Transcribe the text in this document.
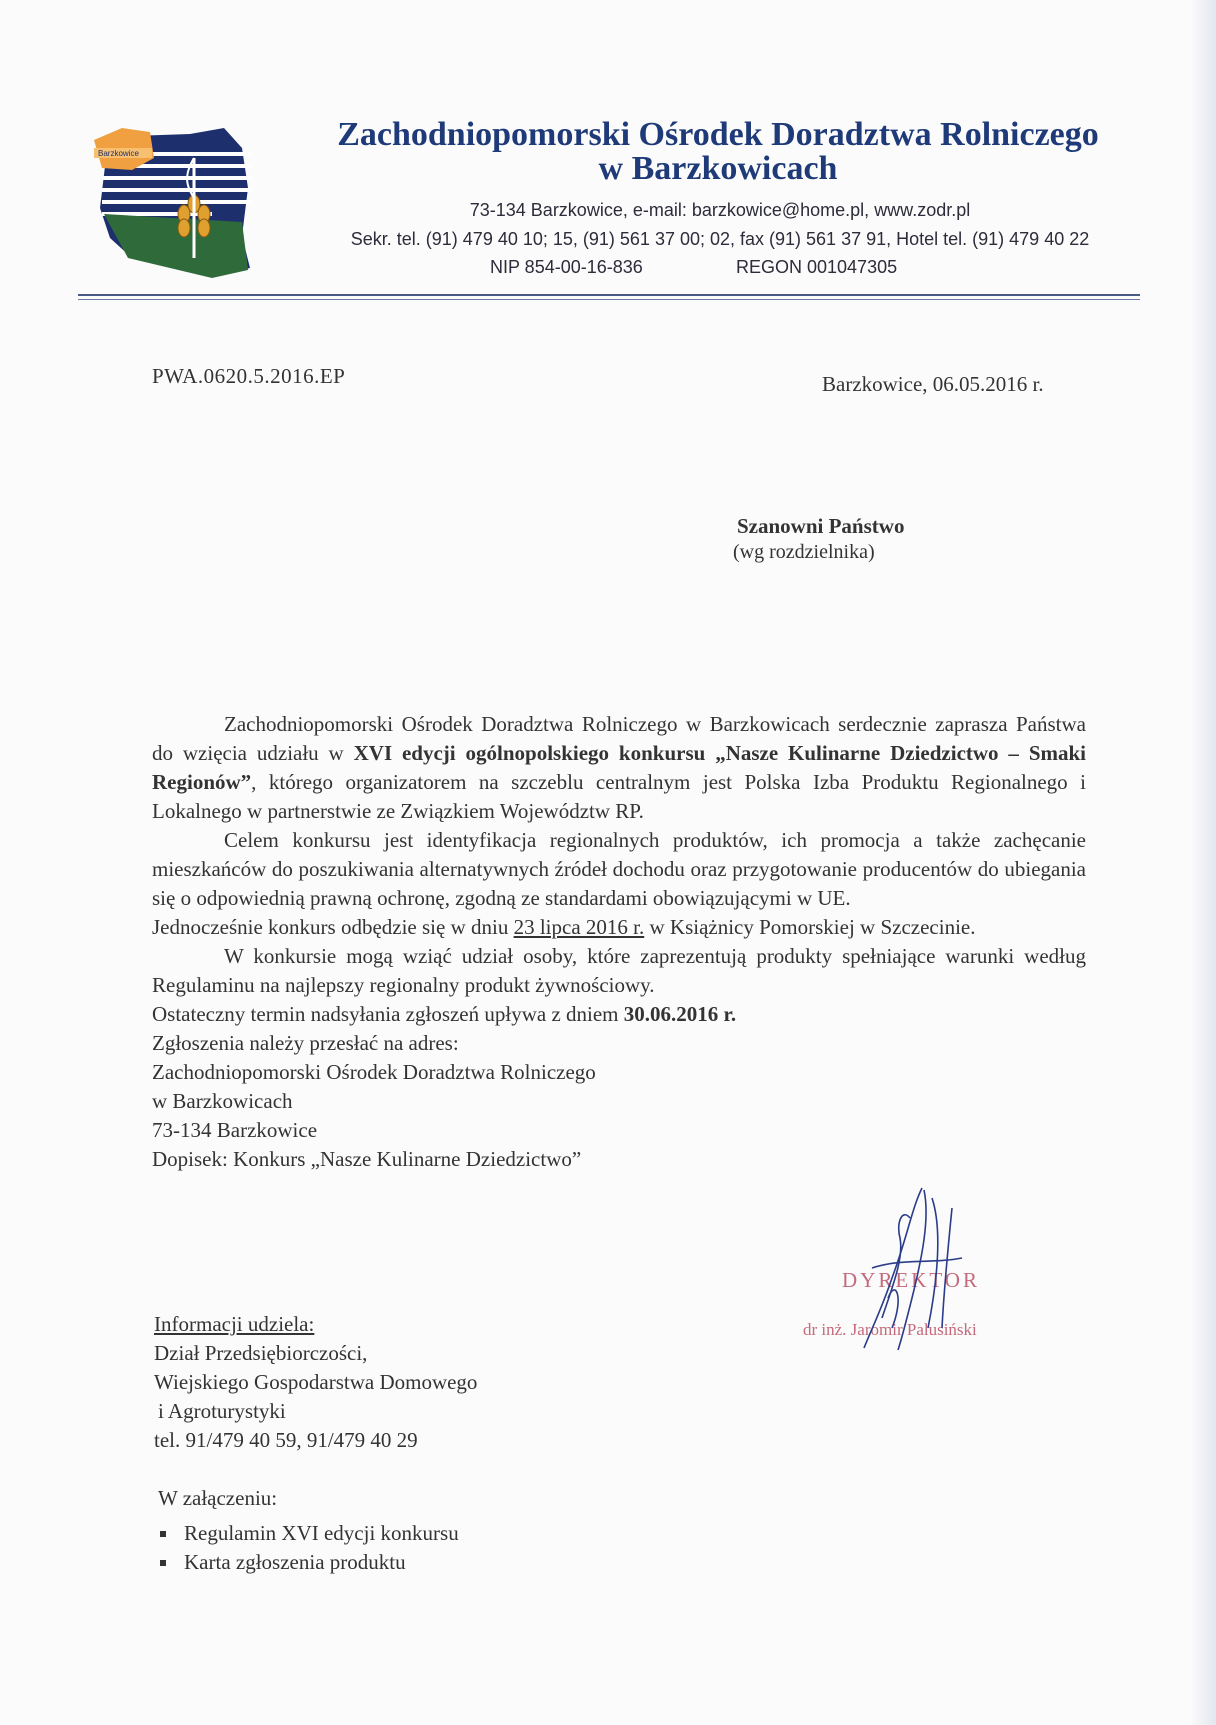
Barzkowice
Zachodniopomorski Ośrodek Doradztwa Rolniczego
w Barzkowicach
73-134 Barzkowice, e-mail: barzkowice@home.pl, www.zodr.pl
Sekr. tel. (91) 479 40 10; 15, (91) 561 37 00; 02, fax (91) 561 37 91, Hotel tel. (91) 479 40 22
NIP 854-00-16-836	REGON 001047305
PWA.0620.5.2016.EP	Barzkowice, 06.05.2016 r.
Szanowni Państwo
(wg rozdzielnika)

Zachodniopomorski Ośrodek Doradztwa Rolniczego w Barzkowicach serdecznie zaprasza Państwa do wzięcia udziału w XVI edycji ogólnopolskiego konkursu „Nasze Kulinarne Dziedzictwo – Smaki Regionów”, którego organizatorem na szczeblu centralnym jest Polska Izba Produktu Regionalnego i Lokalnego w partnerstwie ze Związkiem Województw RP.

Celem konkursu jest identyfikacja regionalnych produktów, ich promocja a także zachęcanie mieszkańców do poszukiwania alternatywnych źródeł dochodu oraz przygotowanie producentów do ubiegania się o odpowiednią prawną ochronę, zgodną ze standardami obowiązującymi w UE.

Jednocześnie konkurs odbędzie się w dniu 23 lipca 2016 r. w Książnicy Pomorskiej w Szczecinie.

W konkursie mogą wziąć udział osoby, które zaprezentują produkty spełniające warunki według Regulaminu na najlepszy regionalny produkt żywnościowy.

Ostateczny termin nadsyłania zgłoszeń upływa z dniem 30.06.2016 r.

Zgłoszenia należy przesłać na adres:

Zachodniopomorski Ośrodek Doradztwa Rolniczego

w Barzkowicach

73-134 Barzkowice

Dopisek: Konkurs „Nasze Kulinarne Dziedzictwo”

DYREKTOR
dr inż. Jaromir Palusiński

Informacji udziela:

Dział Przedsiębiorczości,

Wiejskiego Gospodarstwa Domowego

i Agroturystyki

tel. 91/479 40 59, 91/479 40 29

W załączeniu:

Regulamin XVI edycji konkursu
Karta zgłoszenia produktu
